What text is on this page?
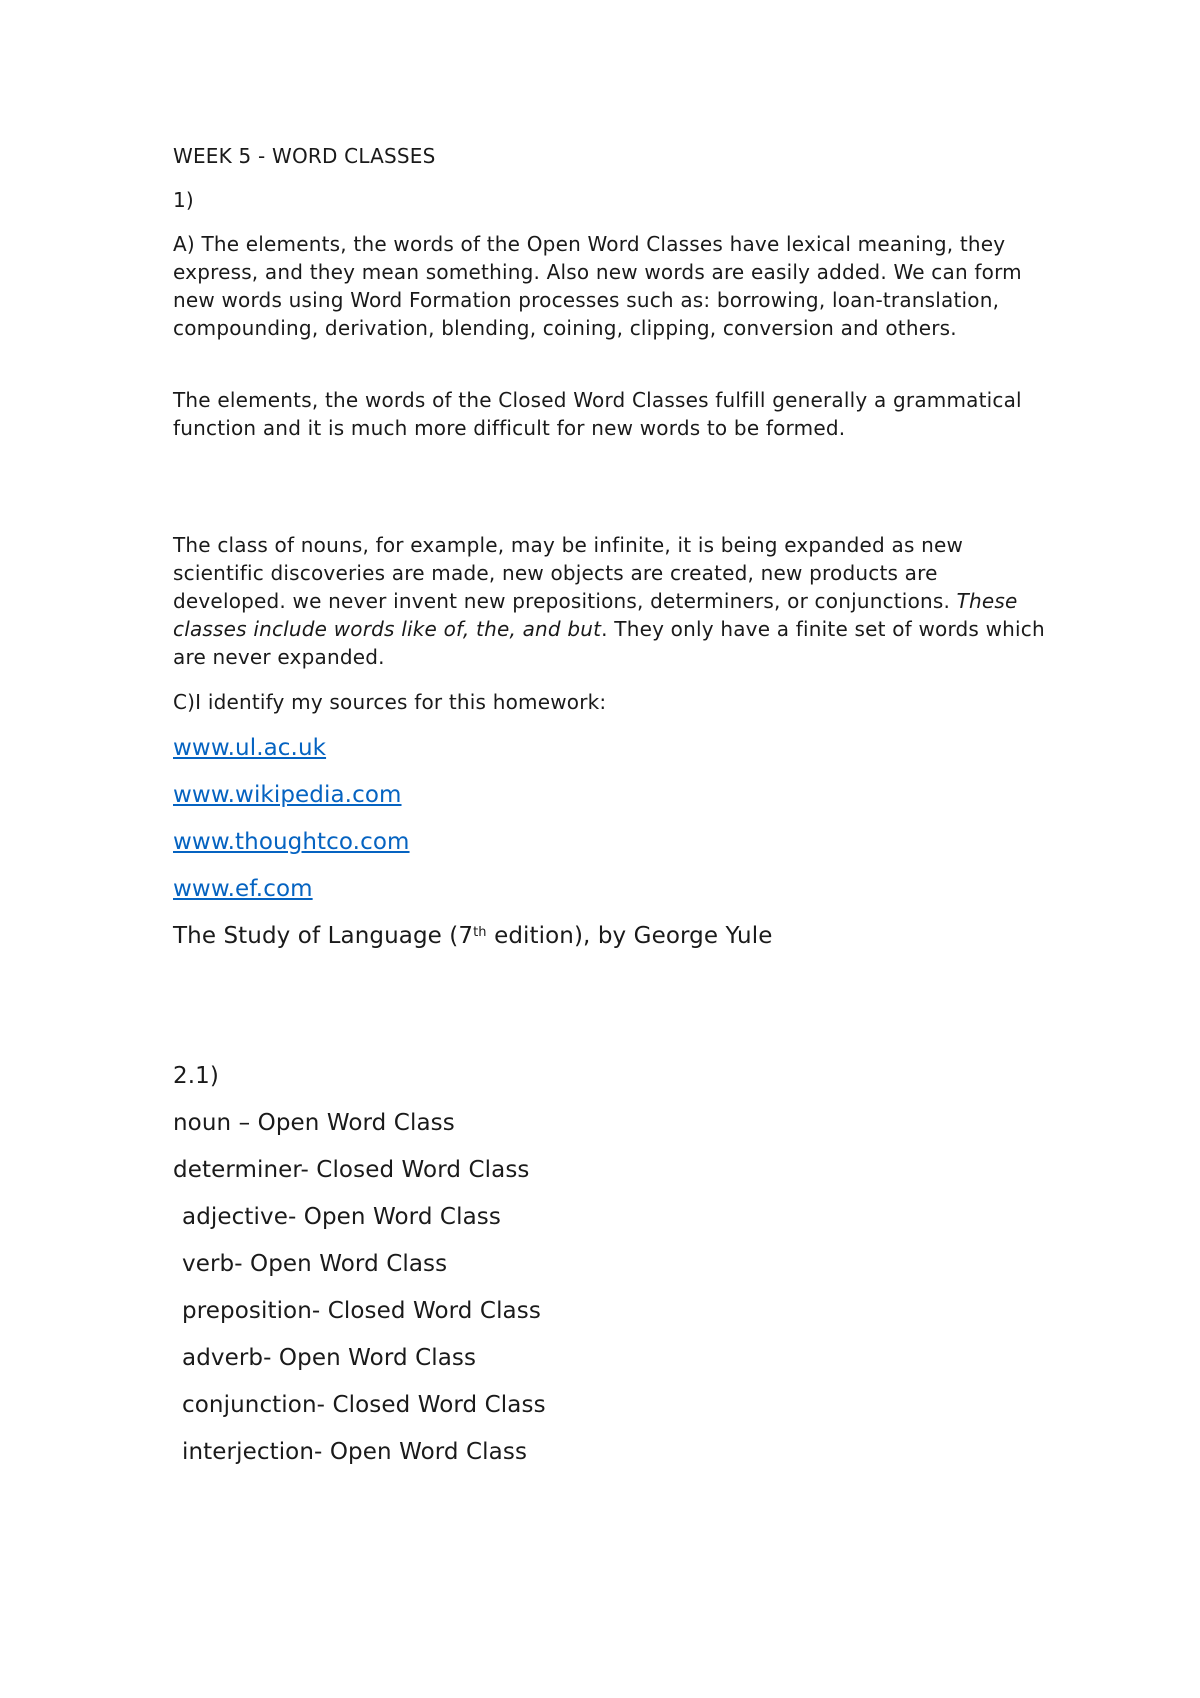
WEEK 5 - WORD CLASSES

1)

A) The elements, the words of the Open Word Classes have lexical meaning, they express, and they mean something. Also new words are easily added. We can form new words using Word Formation processes such as: borrowing, loan-translation, compounding, derivation, blending, coining, clipping, conversion and others.

The elements, the words of the Closed Word Classes fulfill generally a grammatical function and it is much more difficult for new words to be formed.

The class of nouns, for example, may be infinite, it is being expanded as new scientific discoveries are made, new objects are created, new products are developed. we never invent new prepositions, determiners, or conjunctions. These classes include words like of, the, and but. They only have a finite set of words which are never expanded.

C)I identify my sources for this homework:

www.ul.ac.uk

www.wikipedia.com

www.thoughtco.com

www.ef.com

The Study of Language (7th edition), by George Yule

2.1)

noun – Open Word Class

determiner- Closed Word Class

adjective- Open Word Class

verb- Open Word Class

preposition- Closed Word Class

adverb- Open Word Class

conjunction- Closed Word Class

interjection- Open Word Class
